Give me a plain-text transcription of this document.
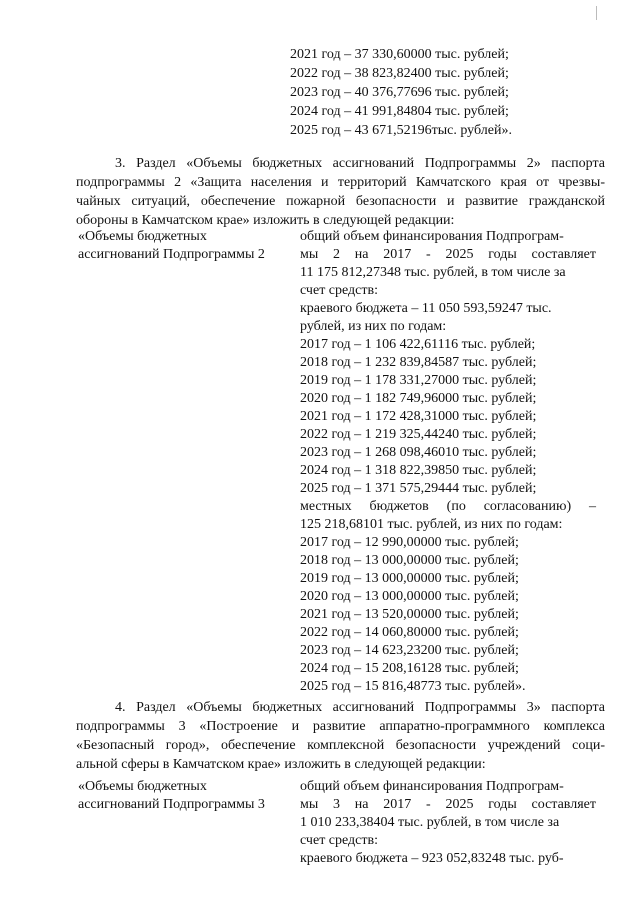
2021 год – 37 330,60000 тыс. рублей;
2022 год – 38 823,82400 тыс. рублей;
2023 год – 40 376,77696 тыс. рублей;
2024 год – 41 991,84804 тыс. рублей;
2025 год – 43 671,52196тыс. рублей».
3. Раздел «Объемы бюджетных ассигнований Подпрограммы 2» паспорта
подпрограммы 2 «Защита населения и территорий Камчатского края от чрезвы-
чайных ситуаций, обеспечение пожарной безопасности и развитие гражданской
обороны в Камчатском крае» изложить в следующей редакции:
«Объемы бюджетных
ассигнований Подпрограммы 2
общий объем финансирования Подпрограм-
мы 2 на 2017 - 2025 годы составляет
11 175 812,27348 тыс. рублей, в том числе за
счет средств:
краевого бюджета – 11 050 593,59247 тыс.
рублей, из них по годам:
2017 год – 1 106 422,61116 тыс. рублей;
2018 год – 1 232 839,84587 тыс. рублей;
2019 год – 1 178 331,27000 тыс. рублей;
2020 год – 1 182 749,96000 тыс. рублей;
2021 год – 1 172 428,31000 тыс. рублей;
2022 год – 1 219 325,44240 тыс. рублей;
2023 год – 1 268 098,46010 тыс. рублей;
2024 год – 1 318 822,39850 тыс. рублей;
2025 год – 1 371 575,29444 тыс. рублей;
местных бюджетов (по согласованию) –
125 218,68101 тыс. рублей, из них по годам:
2017 год – 12 990,00000 тыс. рублей;
2018 год – 13 000,00000 тыс. рублей;
2019 год – 13 000,00000 тыс. рублей;
2020 год – 13 000,00000 тыс. рублей;
2021 год – 13 520,00000 тыс. рублей;
2022 год – 14 060,80000 тыс. рублей;
2023 год – 14 623,23200 тыс. рублей;
2024 год – 15 208,16128 тыс. рублей;
2025 год – 15 816,48773 тыс. рублей».
4. Раздел «Объемы бюджетных ассигнований Подпрограммы 3» паспорта
подпрограммы 3 «Построение и развитие аппаратно-программного комплекса
«Безопасный город», обеспечение комплексной безопасности учреждений соци-
альной сферы в Камчатском крае» изложить в следующей редакции:
«Объемы бюджетных
ассигнований Подпрограммы 3
общий объем финансирования Подпрограм-
мы 3 на 2017 - 2025 годы составляет
1 010 233,38404 тыс. рублей, в том числе за
счет средств:
краевого бюджета – 923 052,83248 тыс. руб-
